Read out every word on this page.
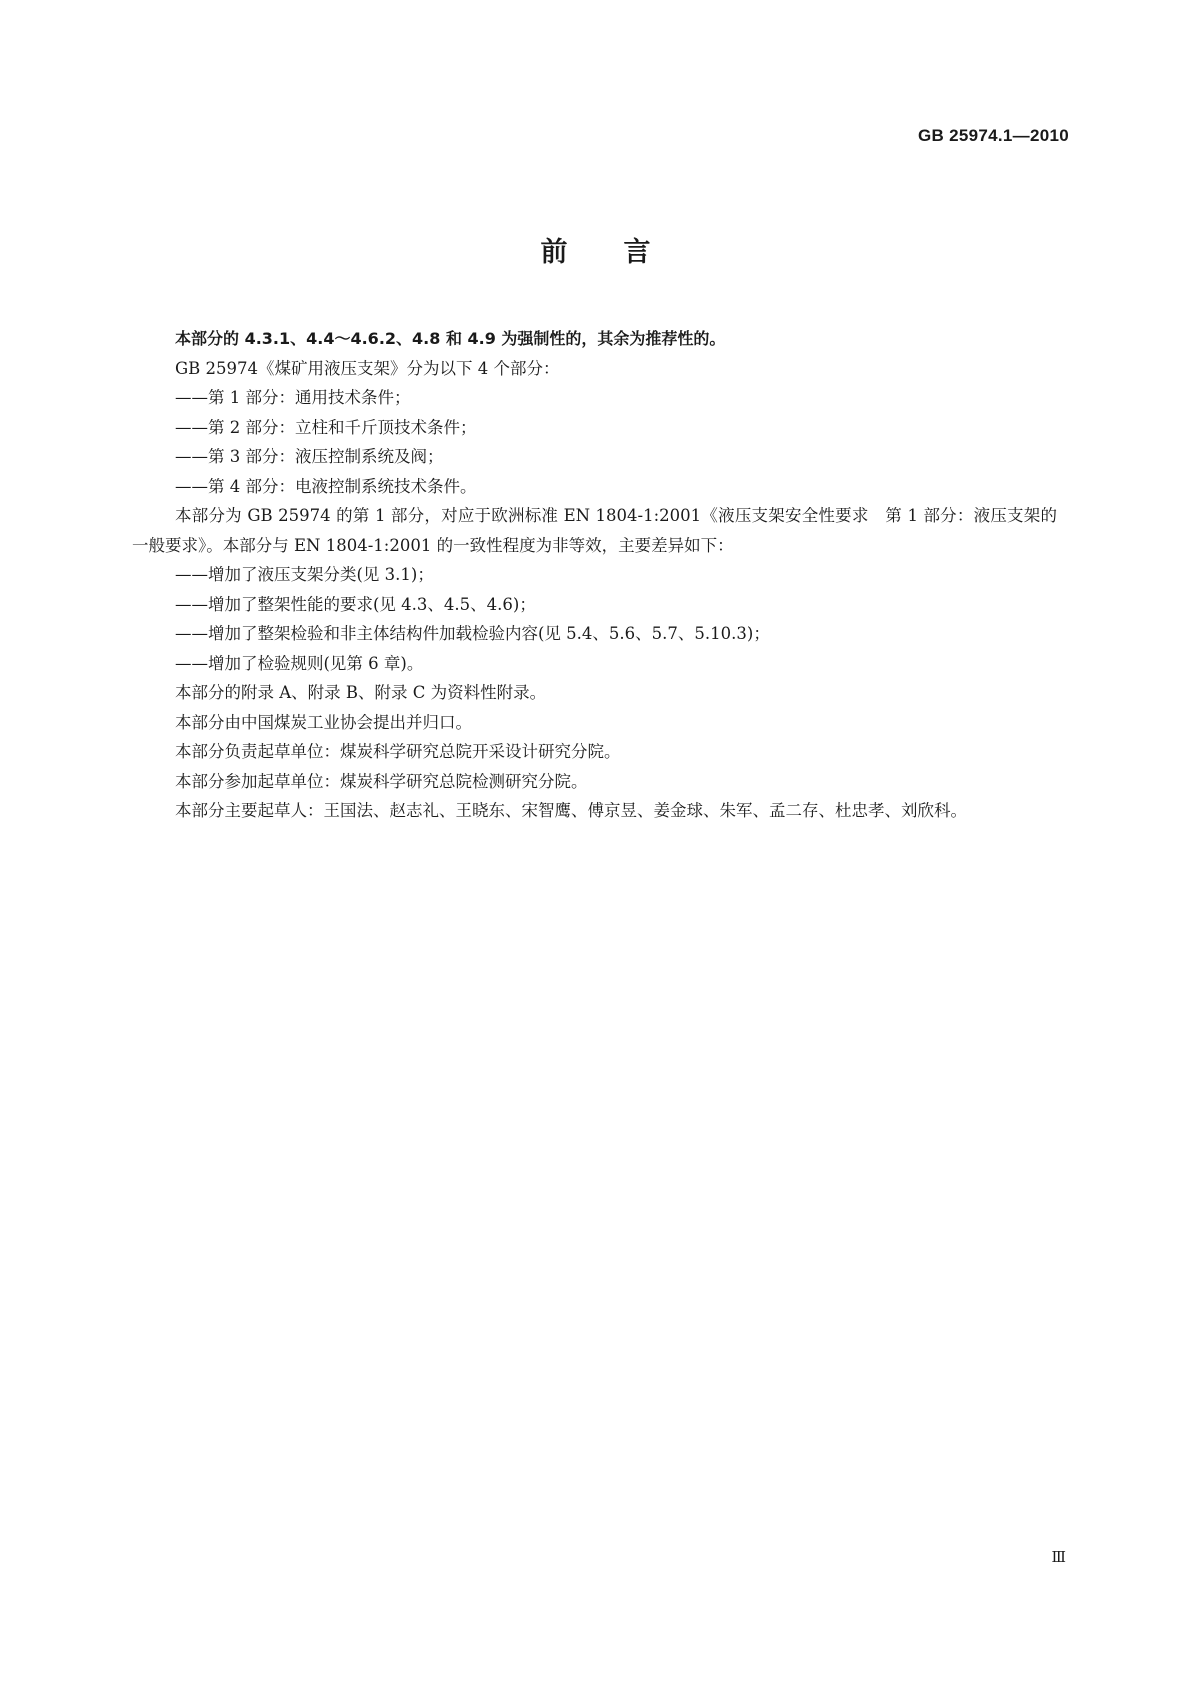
GB 25974.1—2010
前言

本部分的 4.3.1、4.4～4.6.2、4.8 和 4.9 为强制性的，其余为推荐性的。

GB 25974《煤矿用液压支架》分为以下 4 个部分：

——第 1 部分：通用技术条件；

——第 2 部分：立柱和千斤顶技术条件；

——第 3 部分：液压控制系统及阀；

——第 4 部分：电液控制系统技术条件。

本部分为 GB 25974 的第 1 部分，对应于欧洲标准 EN 1804-1:2001《液压支架安全性要求　第 1 部分：液压支架的一般要求》。本部分与 EN 1804-1:2001 的一致性程度为非等效，主要差异如下：

——增加了液压支架分类(见 3.1)；

——增加了整架性能的要求(见 4.3、4.5、4.6)；

——增加了整架检验和非主体结构件加载检验内容(见 5.4、5.6、5.7、5.10.3)；

——增加了检验规则(见第 6 章)。

本部分的附录 A、附录 B、附录 C 为资料性附录。

本部分由中国煤炭工业协会提出并归口。

本部分负责起草单位：煤炭科学研究总院开采设计研究分院。

本部分参加起草单位：煤炭科学研究总院检测研究分院。

本部分主要起草人：王国法、赵志礼、王晓东、宋智鹰、傅京昱、姜金球、朱军、孟二存、杜忠孝、刘欣科。

Ⅲ
